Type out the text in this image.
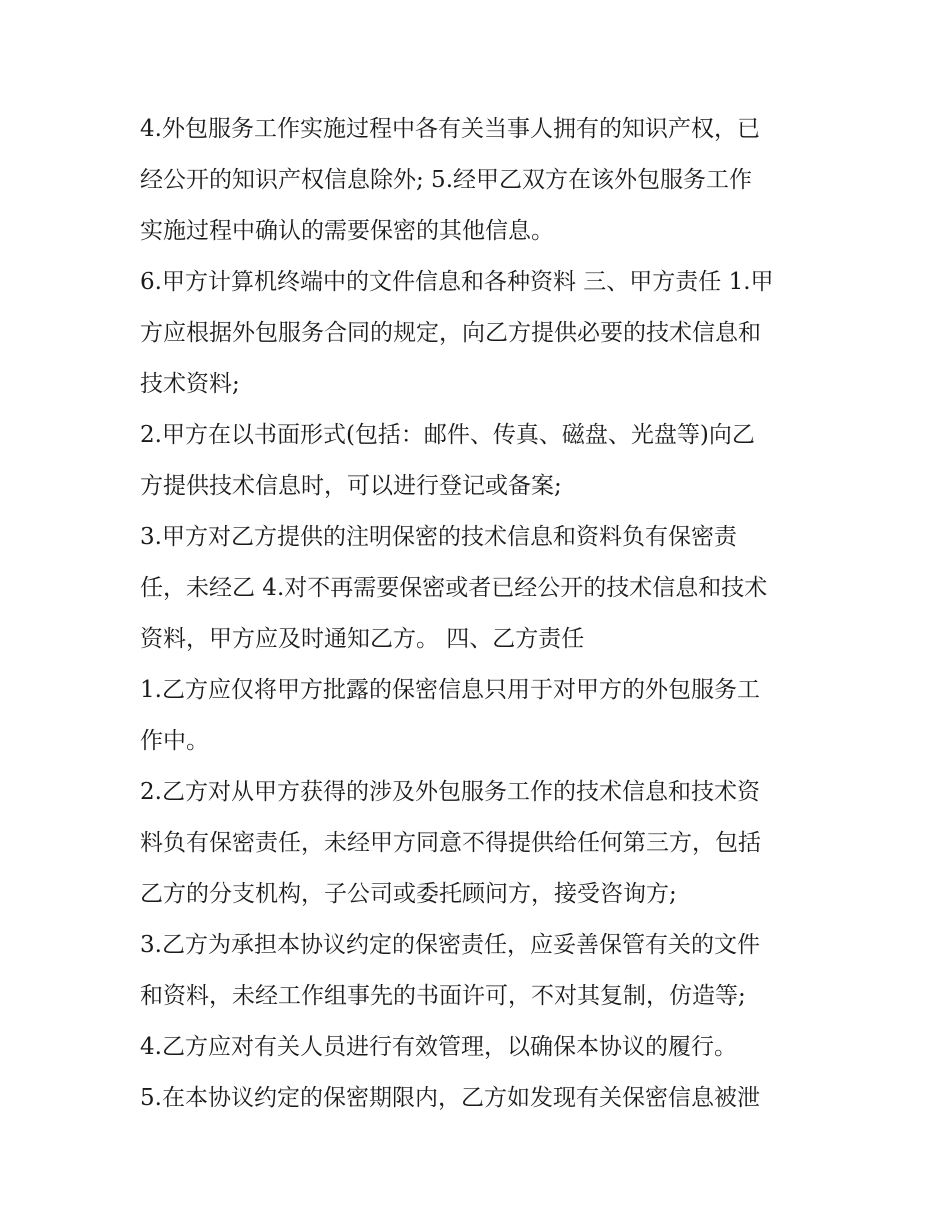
4.外包服务工作实施过程中各有关当事人拥有的知识产权，已
经公开的知识产权信息除外; 5.经甲乙双方在该外包服务工作
实施过程中确认的需要保密的其他信息。
6.甲方计算机终端中的文件信息和各种资料 三、甲方责任 1.甲
方应根据外包服务合同的规定，向乙方提供必要的技术信息和
技术资料;
2.甲方在以书面形式(包括：邮件、传真、磁盘、光盘等)向乙
方提供技术信息时，可以进行登记或备案;
3.甲方对乙方提供的注明保密的技术信息和资料负有保密责
任，未经乙 4.对不再需要保密或者已经公开的技术信息和技术
资料，甲方应及时通知乙方。 四、乙方责任
1.乙方应仅将甲方批露的保密信息只用于对甲方的外包服务工
作中。
2.乙方对从甲方获得的涉及外包服务工作的技术信息和技术资
料负有保密责任，未经甲方同意不得提供给任何第三方，包括
乙方的分支机构，子公司或委托顾问方，接受咨询方;
3.乙方为承担本协议约定的保密责任，应妥善保管有关的文件
和资料，未经工作组事先的书面许可，不对其复制，仿造等;
4.乙方应对有关人员进行有效管理，以确保本协议的履行。
5.在本协议约定的保密期限内，乙方如发现有关保密信息被泄
